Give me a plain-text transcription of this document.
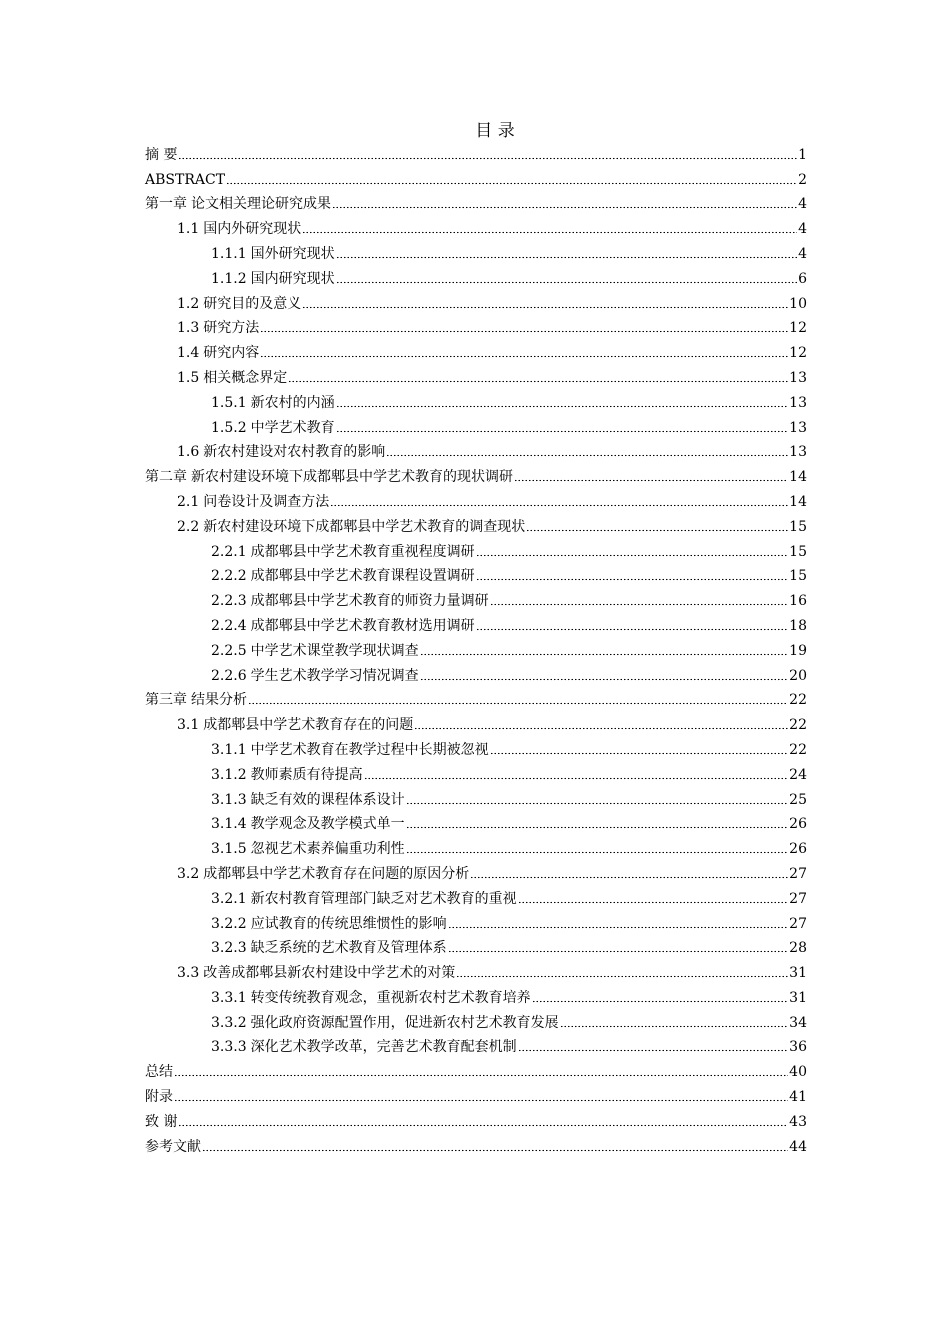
目 录
摘 要	1
ABSTRACT	2
第一章 论文相关理论研究成果	4
1.1 国内外研究现状	4
1.1.1 国外研究现状	4
1.1.2 国内研究现状	6
1.2 研究目的及意义	10
1.3 研究方法	12
1.4 研究内容	12
1.5 相关概念界定	13
1.5.1 新农村的内涵	13
1.5.2 中学艺术教育	13
1.6 新农村建设对农村教育的影响	13
第二章 新农村建设环境下成都郫县中学艺术教育的现状调研	14
2.1 问卷设计及调查方法	14
2.2 新农村建设环境下成都郫县中学艺术教育的调查现状	15
2.2.1 成都郫县中学艺术教育重视程度调研	15
2.2.2 成都郫县中学艺术教育课程设置调研	15
2.2.3 成都郫县中学艺术教育的师资力量调研	16
2.2.4 成都郫县中学艺术教育教材选用调研	18
2.2.5 中学艺术课堂教学现状调查	19
2.2.6 学生艺术教学学习情况调查	20
第三章 结果分析	22
3.1 成都郫县中学艺术教育存在的问题	22
3.1.1 中学艺术教育在教学过程中长期被忽视	22
3.1.2 教师素质有待提高	24
3.1.3 缺乏有效的课程体系设计	25
3.1.4 教学观念及教学模式单一	26
3.1.5 忽视艺术素养偏重功利性	26
3.2 成都郫县中学艺术教育存在问题的原因分析	27
3.2.1 新农村教育管理部门缺乏对艺术教育的重视	27
3.2.2 应试教育的传统思维惯性的影响	27
3.2.3 缺乏系统的艺术教育及管理体系	28
3.3 改善成都郫县新农村建设中学艺术的对策	31
3.3.1 转变传统教育观念，重视新农村艺术教育培养	31
3.3.2 强化政府资源配置作用，促进新农村艺术教育发展	34
3.3.3 深化艺术教学改革，完善艺术教育配套机制	36
总结	40
附录	41
致 谢	43
参考文献	44
